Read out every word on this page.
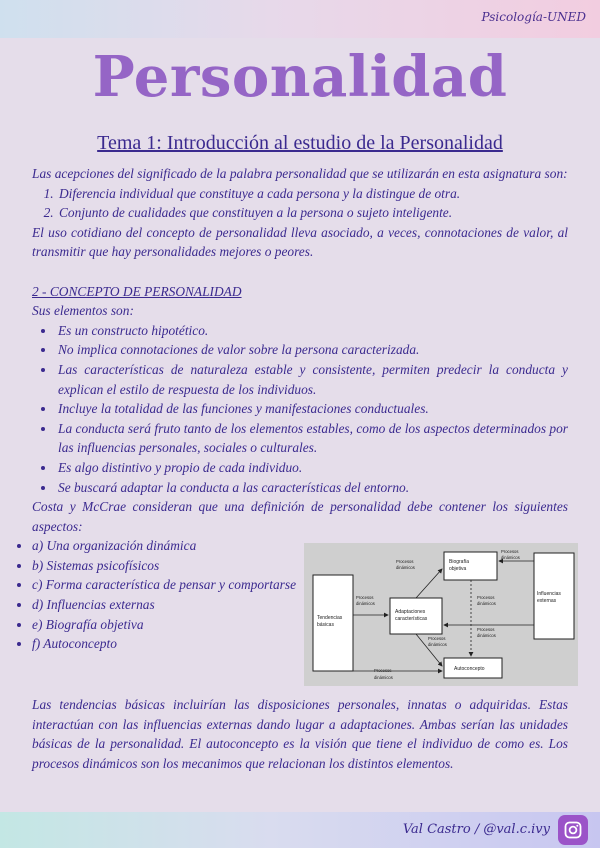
Psicología-UNED
Personalidad
Tema 1: Introducción al estudio de la Personalidad

Las acepciones del significado de la palabra personalidad que se utilizarán en esta asignatura son:

1. Diferencia individual que constituye a cada persona y la distingue de otra.
2. Conjunto de cualidades que constituyen a la persona o sujeto inteligente.

El uso cotidiano del concepto de personalidad lleva asociado, a veces, connotaciones de valor, al transmitir que hay personalidades mejores o peores.

2 - CONCEPTO DE PERSONALIDAD

Sus elementos son:

• Es un constructo hipotético.
• No implica connotaciones de valor sobre la persona caracterizada.
• Las características de naturaleza estable y consistente, permiten predecir la conducta y explican el estilo de respuesta de los individuos.
• Incluye la totalidad de las funciones y manifestaciones conductuales.
• La conducta será fruto tanto de los elementos estables, como de los aspectos determinados por las influencias personales, sociales o culturales.
• Es algo distintivo y propio de cada individuo.
• Se buscará adaptar la conducta a las características del entorno.

Costa y McCrae consideran que una definición de personalidad debe contener los siguientes aspectos:

• a) Una organización dinámica
• b) Sistemas psicofísicos
• c) Forma característica de pensar y comportarse
• d) Influencias externas
• e) Biografía objetiva
• f) Autoconcepto
Tendencias
básicas
Adaptaciones
características
Biografía
objetiva
Influencias
externas
Autoconcepto
Procesos
dinámicos
Procesos
dinámicos
Procesos
dinámicos
Procesos
dinámicos
Procesos
dinámicos
Procesos
dinámicos
Procesos
dinámicos

Las tendencias básicas incluirían las disposiciones personales, innatas o adquiridas. Estas interactúan con las influencias externas dando lugar a adaptaciones. Ambas serían las unidades básicas de la personalidad. El autoconcepto es la visión que tiene el individuo de como es. Los procesos dinámicos son los mecanimos que relacionan los distintos elementos.

Val Castro / @val.c.ivy
